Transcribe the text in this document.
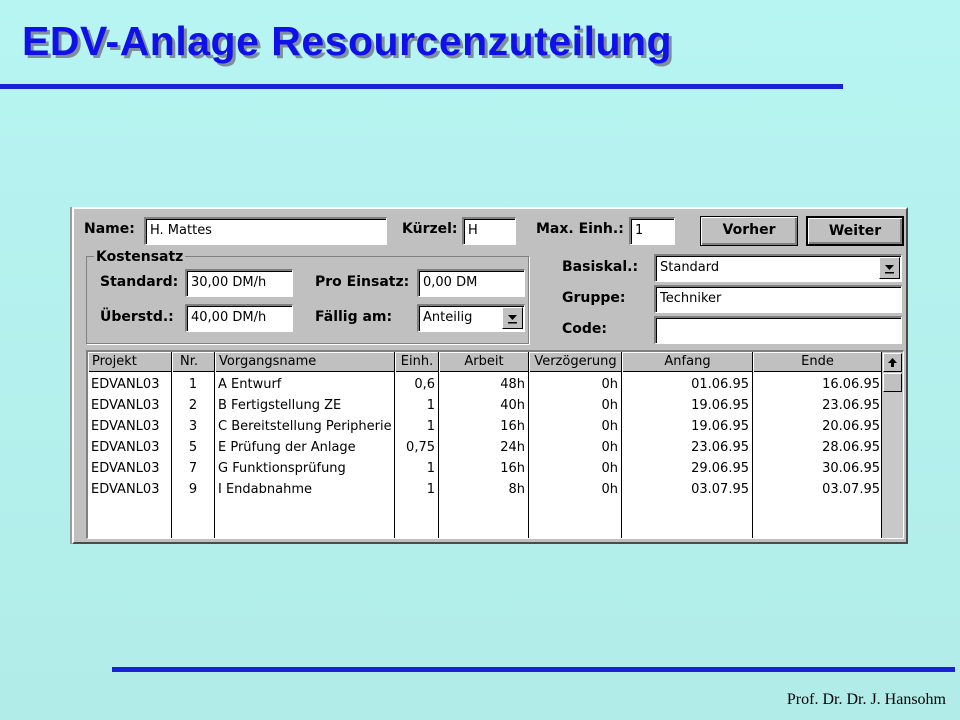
EDV-Anlage Resourcenzuteilung
Name:	H. Mattes	Kürzel: H	Max. Einh.: 1	Vorher	Weiter
Kostensatz
Standard: 30,00 DM/h
Überstd.:	40,00 DM/h
Pro Einsatz:	0,00 DM
Fällig am:	Anteilig
Basiskal.:	Standard
Gruppe:	Techniker
Code:
Projekt	Nr.	Vorgangsname	Einh.	Arbeit	Verzögerung	Anfang	Ende
EDVANL03	1	A Entwurf	0,6	48h	0h	01.06.95	16.06.95
EDVANL03	2	B Fertigstellung ZE	1	40h	0h	19.06.95	23.06.95
EDVANL03	3	C Bereitstellung Peripherie	1	16h	0h	19.06.95	20.06.95
EDVANL03	5	E Prüfung der Anlage	0,75	24h	0h	23.06.95	28.06.95
EDVANL03	7	G Funktionsprüfung	1	16h	0h	29.06.95	30.06.95
EDVANL03	9	I Endabnahme	1	8h	0h	03.07.95	03.07.95
Prof. Dr. Dr. J. Hansohm
